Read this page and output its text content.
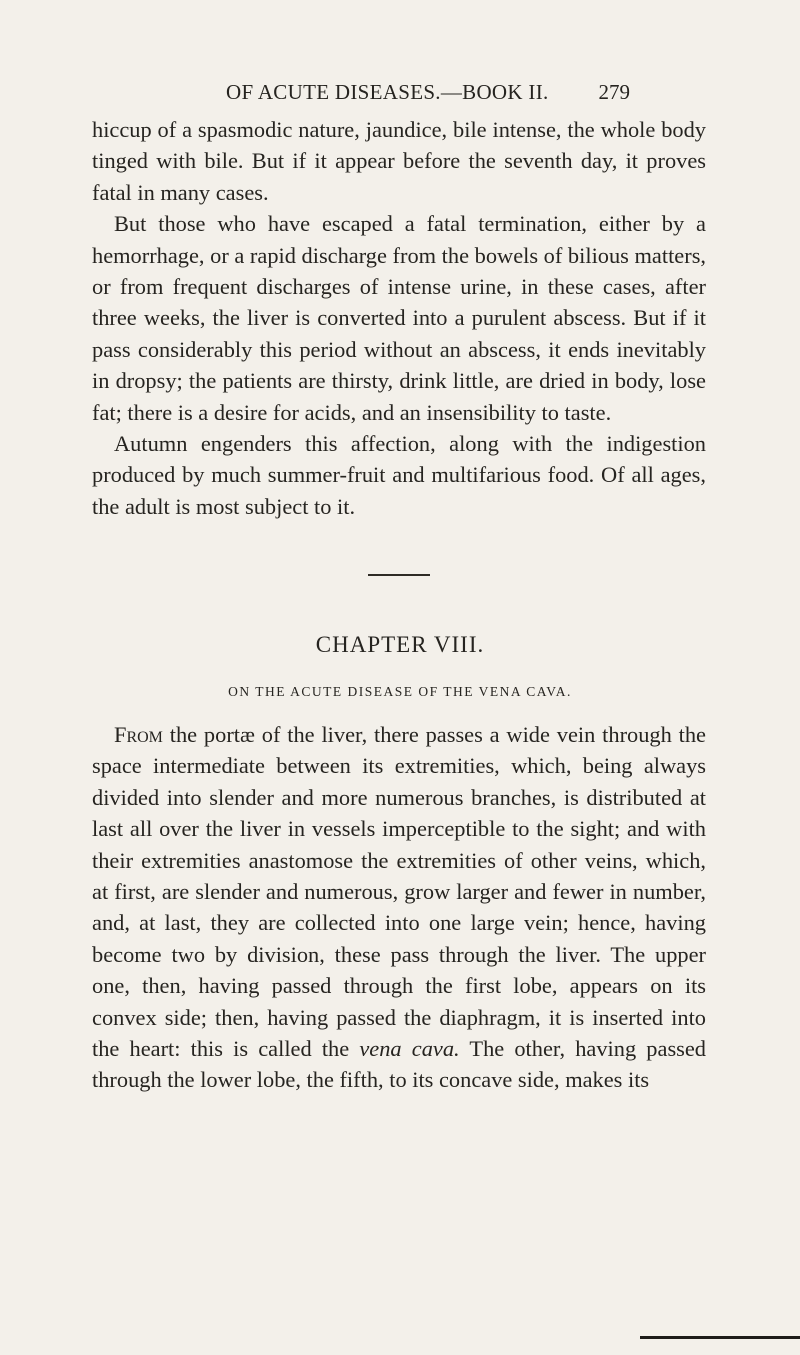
OF ACUTE DISEASES.—BOOK II. 279

hiccup of a spasmodic nature, jaundice, bile intense, the whole body tinged with bile. But if it appear before the seventh day, it proves fatal in many cases.

But those who have escaped a fatal termination, either by a hemorrhage, or a rapid discharge from the bowels of bilious matters, or from frequent discharges of intense urine, in these cases, after three weeks, the liver is converted into a purulent abscess. But if it pass considerably this period without an abscess, it ends inevitably in dropsy; the patients are thirsty, drink little, are dried in body, lose fat; there is a desire for acids, and an insensibility to taste.

Autumn engenders this affection, along with the indigestion produced by much summer-fruit and multifarious food. Of all ages, the adult is most subject to it.

CHAPTER VIII.
ON THE ACUTE DISEASE OF THE VENA CAVA.

From the portæ of the liver, there passes a wide vein through the space intermediate between its extremities, which, being always divided into slender and more numerous branches, is distributed at last all over the liver in vessels imperceptible to the sight; and with their extremities anastomose the extremities of other veins, which, at first, are slender and numerous, grow larger and fewer in number, and, at last, they are collected into one large vein; hence, having become two by division, these pass through the liver. The upper one, then, having passed through the first lobe, appears on its convex side; then, having passed the diaphragm, it is inserted into the heart: this is called the vena cava. The other, having passed through the lower lobe, the fifth, to its concave side, makes its
